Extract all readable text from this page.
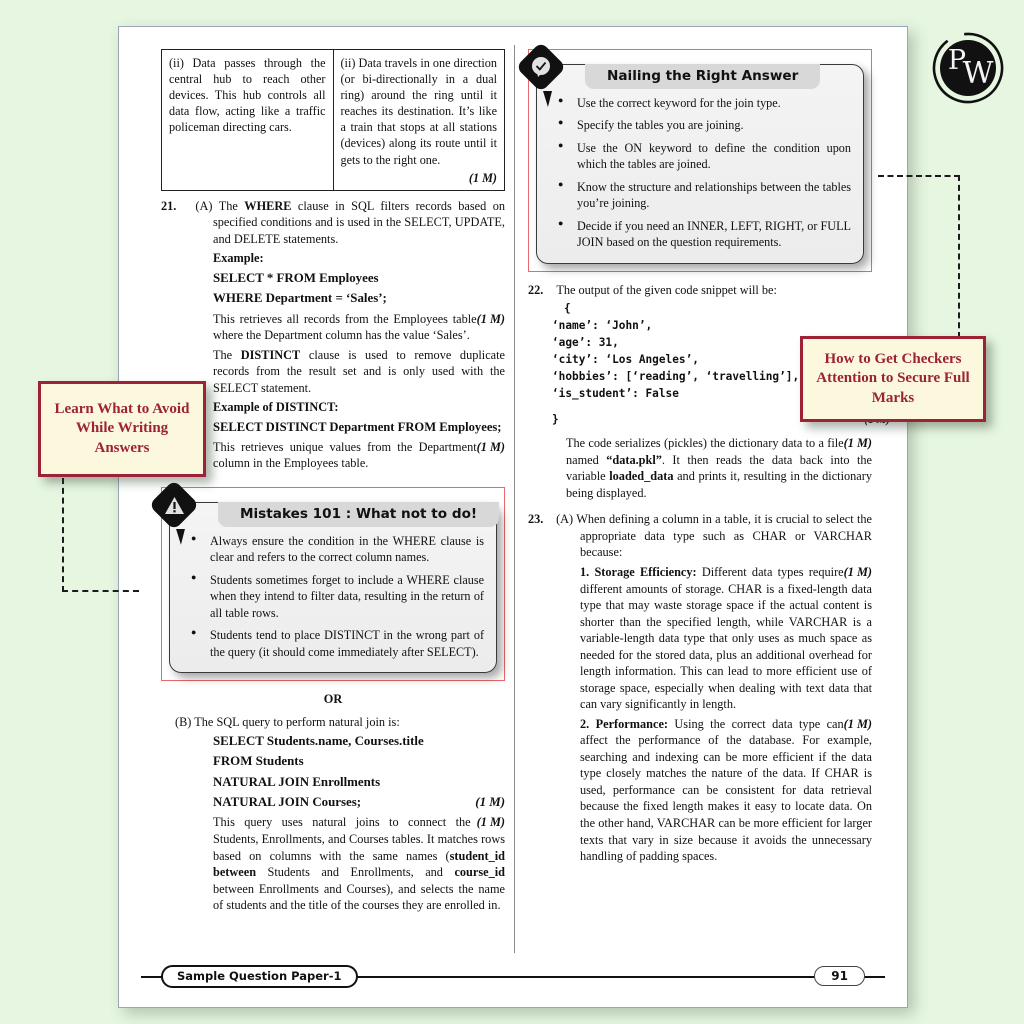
(ii) Data passes through the central hub to reach other devices. This hub controls all data flow, acting like a traffic policeman directing cars.	(ii) Data travels in one direction (or bi-directionally in a dual ring) around the ring until it reaches its destination. It’s like a train that stops at all stations (devices) along its route until it gets to the right one.
(1 M)

21. (A) The WHERE clause in SQL filters records based on specified conditions and is used in the SELECT, UPDATE, and DELETE statements.

Example:

SELECT * FROM Employees

WHERE Department = ‘Sales’;

(1 M)
This retrieves all records from the Employees table where the Department column has the value ‘Sales’.

The DISTINCT clause is used to remove duplicate records from the result set and is only used with the SELECT statement.

Example of DISTINCT:

SELECT DISTINCT Department FROM Employees;

(1 M)
This retrieves unique values from the Department column in the Employees table.

Mistakes 101 : What not to do!
● Always ensure the condition in the WHERE clause is clear and refers to the correct column names.
● Students sometimes forget to include a WHERE clause when they intend to filter data, resulting in the return of all table rows.
● Students tend to place DISTINCT in the wrong part of the query (it should come immediately after SELECT).

OR

(B) The SQL query to perform natural join is:

SELECT Students.name, Courses.title

FROM Students

NATURAL JOIN Enrollments

(1 M)
NATURAL JOIN Courses;

(1 M)
This query uses natural joins to connect the Students, Enrollments, and Courses tables. It matches rows based on columns with the same names (student_id between Students and Enrollments, and course_id between Enrollments and Courses), and selects the name of students and the title of the courses they are enrolled in.

Nailing the Right Answer
● Use the correct keyword for the join type.
● Specify the tables you are joining.
● Use the ON keyword to define the condition upon which the tables are joined.
● Know the structure and relationships between the tables you’re joining.
● Decide if you need an INNER, LEFT, RIGHT, or FULL JOIN based on the question requirements.

22. The output of the given code snippet will be:

{
‘name’: ‘John’,
‘age’: 31,
‘city’: ‘Los Angeles’,
‘hobbies’: [‘reading’, ‘travelling’],
‘is_student’: False

}

(1 M)
The code serializes (pickles) the dictionary data to a file named “data.pkl”. It then reads the data back into the variable loaded_data and prints it, resulting in the dictionary being displayed.

23. (A) When defining a column in a table, it is crucial to select the appropriate data type such as CHAR or VARCHAR because:

(1 M)
1. Storage Efficiency: Different data types require different amounts of storage. CHAR is a fixed-length data type that may waste storage space if the actual content is shorter than the specified length, while VARCHAR is a variable-length data type that only uses as much space as needed for the stored data, plus an additional overhead for length information. This can lead to more efficient use of storage space, especially when dealing with text data that can vary significantly in length.

(1 M)
2. Performance: Using the correct data type can affect the performance of the database. For example, searching and indexing can be more efficient if the data type closely matches the nature of the data. If CHAR is used, performance can be consistent for data retrieval because the fixed length makes it easy to locate data. On the other hand, VARCHAR can be more efficient for larger texts that vary in size because it avoids the unnecessary handling of padding spaces.

Sample Question Paper-1	91
P
W
Learn What to Avoid While Writing Answers
How to Get Checkers Attention to Secure Full Marks
